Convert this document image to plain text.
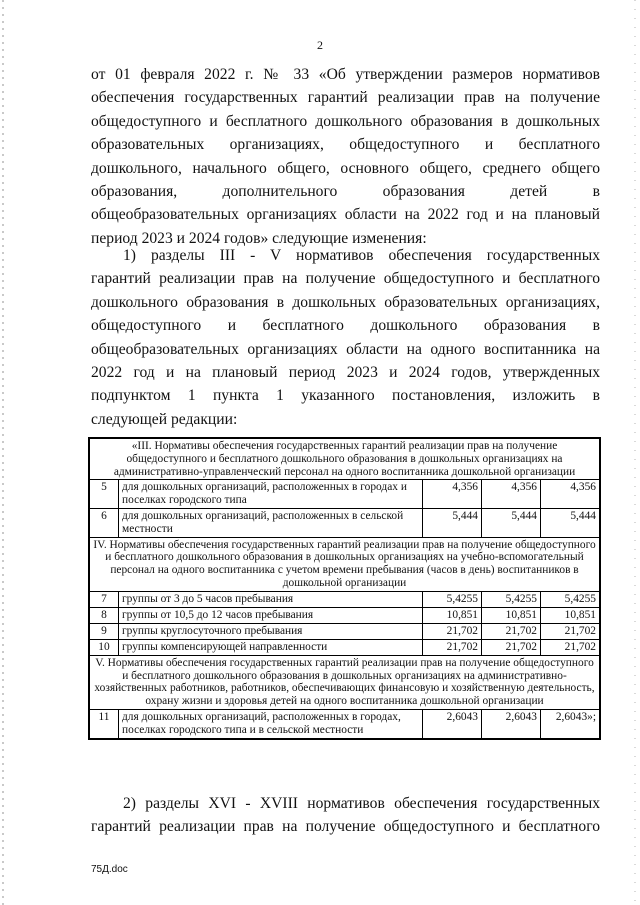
2
от 01 февраля 2022 г. № 33 «Об утверждении размеров нормативов
обеспечения государственных гарантий реализации прав на получение
общедоступного и бесплатного дошкольного образования в дошкольных
образовательных организациях, общедоступного и бесплатного
дошкольного, начального общего, основного общего, среднего общего
образования, дополнительного образования детей в
общеобразовательных организациях области на 2022 год и на плановый
период 2023 и 2024 годов» следующие изменения:
1) разделы III - V нормативов обеспечения государственных
гарантий реализации прав на получение общедоступного и бесплатного
дошкольного образования в дошкольных образовательных организациях,
общедоступного и бесплатного дошкольного образования в
общеобразовательных организациях области на одного воспитанника на
2022 год и на плановый период 2023 и 2024 годов, утвержденных
подпунктом 1 пункта 1 указанного постановления, изложить в
следующей редакции:
«III. Нормативы обеспечения государственных гарантий реализации прав на получение общедоступного и бесплатного дошкольного образования в дошкольных организациях на административно-управленческий персонал на одного воспитанника дошкольной организации				
5	для дошкольных организаций, расположенных в городах и поселках городского типа	4,356	4,356	4,356
6	для дошкольных организаций, расположенных в сельской местности	5,444	5,444	5,444
IV. Нормативы обеспечения государственных гарантий реализации прав на получение общедоступного и бесплатного дошкольного образования в дошкольных организациях на учебно-вспомогательный персонал на одного воспитанника с учетом времени пребывания (часов в день) воспитанников в дошкольной организации				
7	группы от 3 до 5 часов пребывания	5,4255	5,4255	5,4255
8	группы от 10,5 до 12 часов пребывания	10,851	10,851	10,851
9	группы круглосуточного пребывания	21,702	21,702	21,702
10	группы компенсирующей направленности	21,702	21,702	21,702
V. Нормативы обеспечения государственных гарантий реализации прав на получение общедоступного и бесплатного дошкольного образования в дошкольных организациях на административно-хозяйственных работников, работников, обеспечивающих финансовую и хозяйственную деятельность, охрану жизни и здоровья детей на одного воспитанника дошкольной организации				
11	для дошкольных организаций, расположенных в городах, поселках городского типа и в сельской местности	2,6043	2,6043	2,6043»;
2) разделы XVI - XVIII нормативов обеспечения государственных
гарантий реализации прав на получение общедоступного и бесплатного
75Д.doc
